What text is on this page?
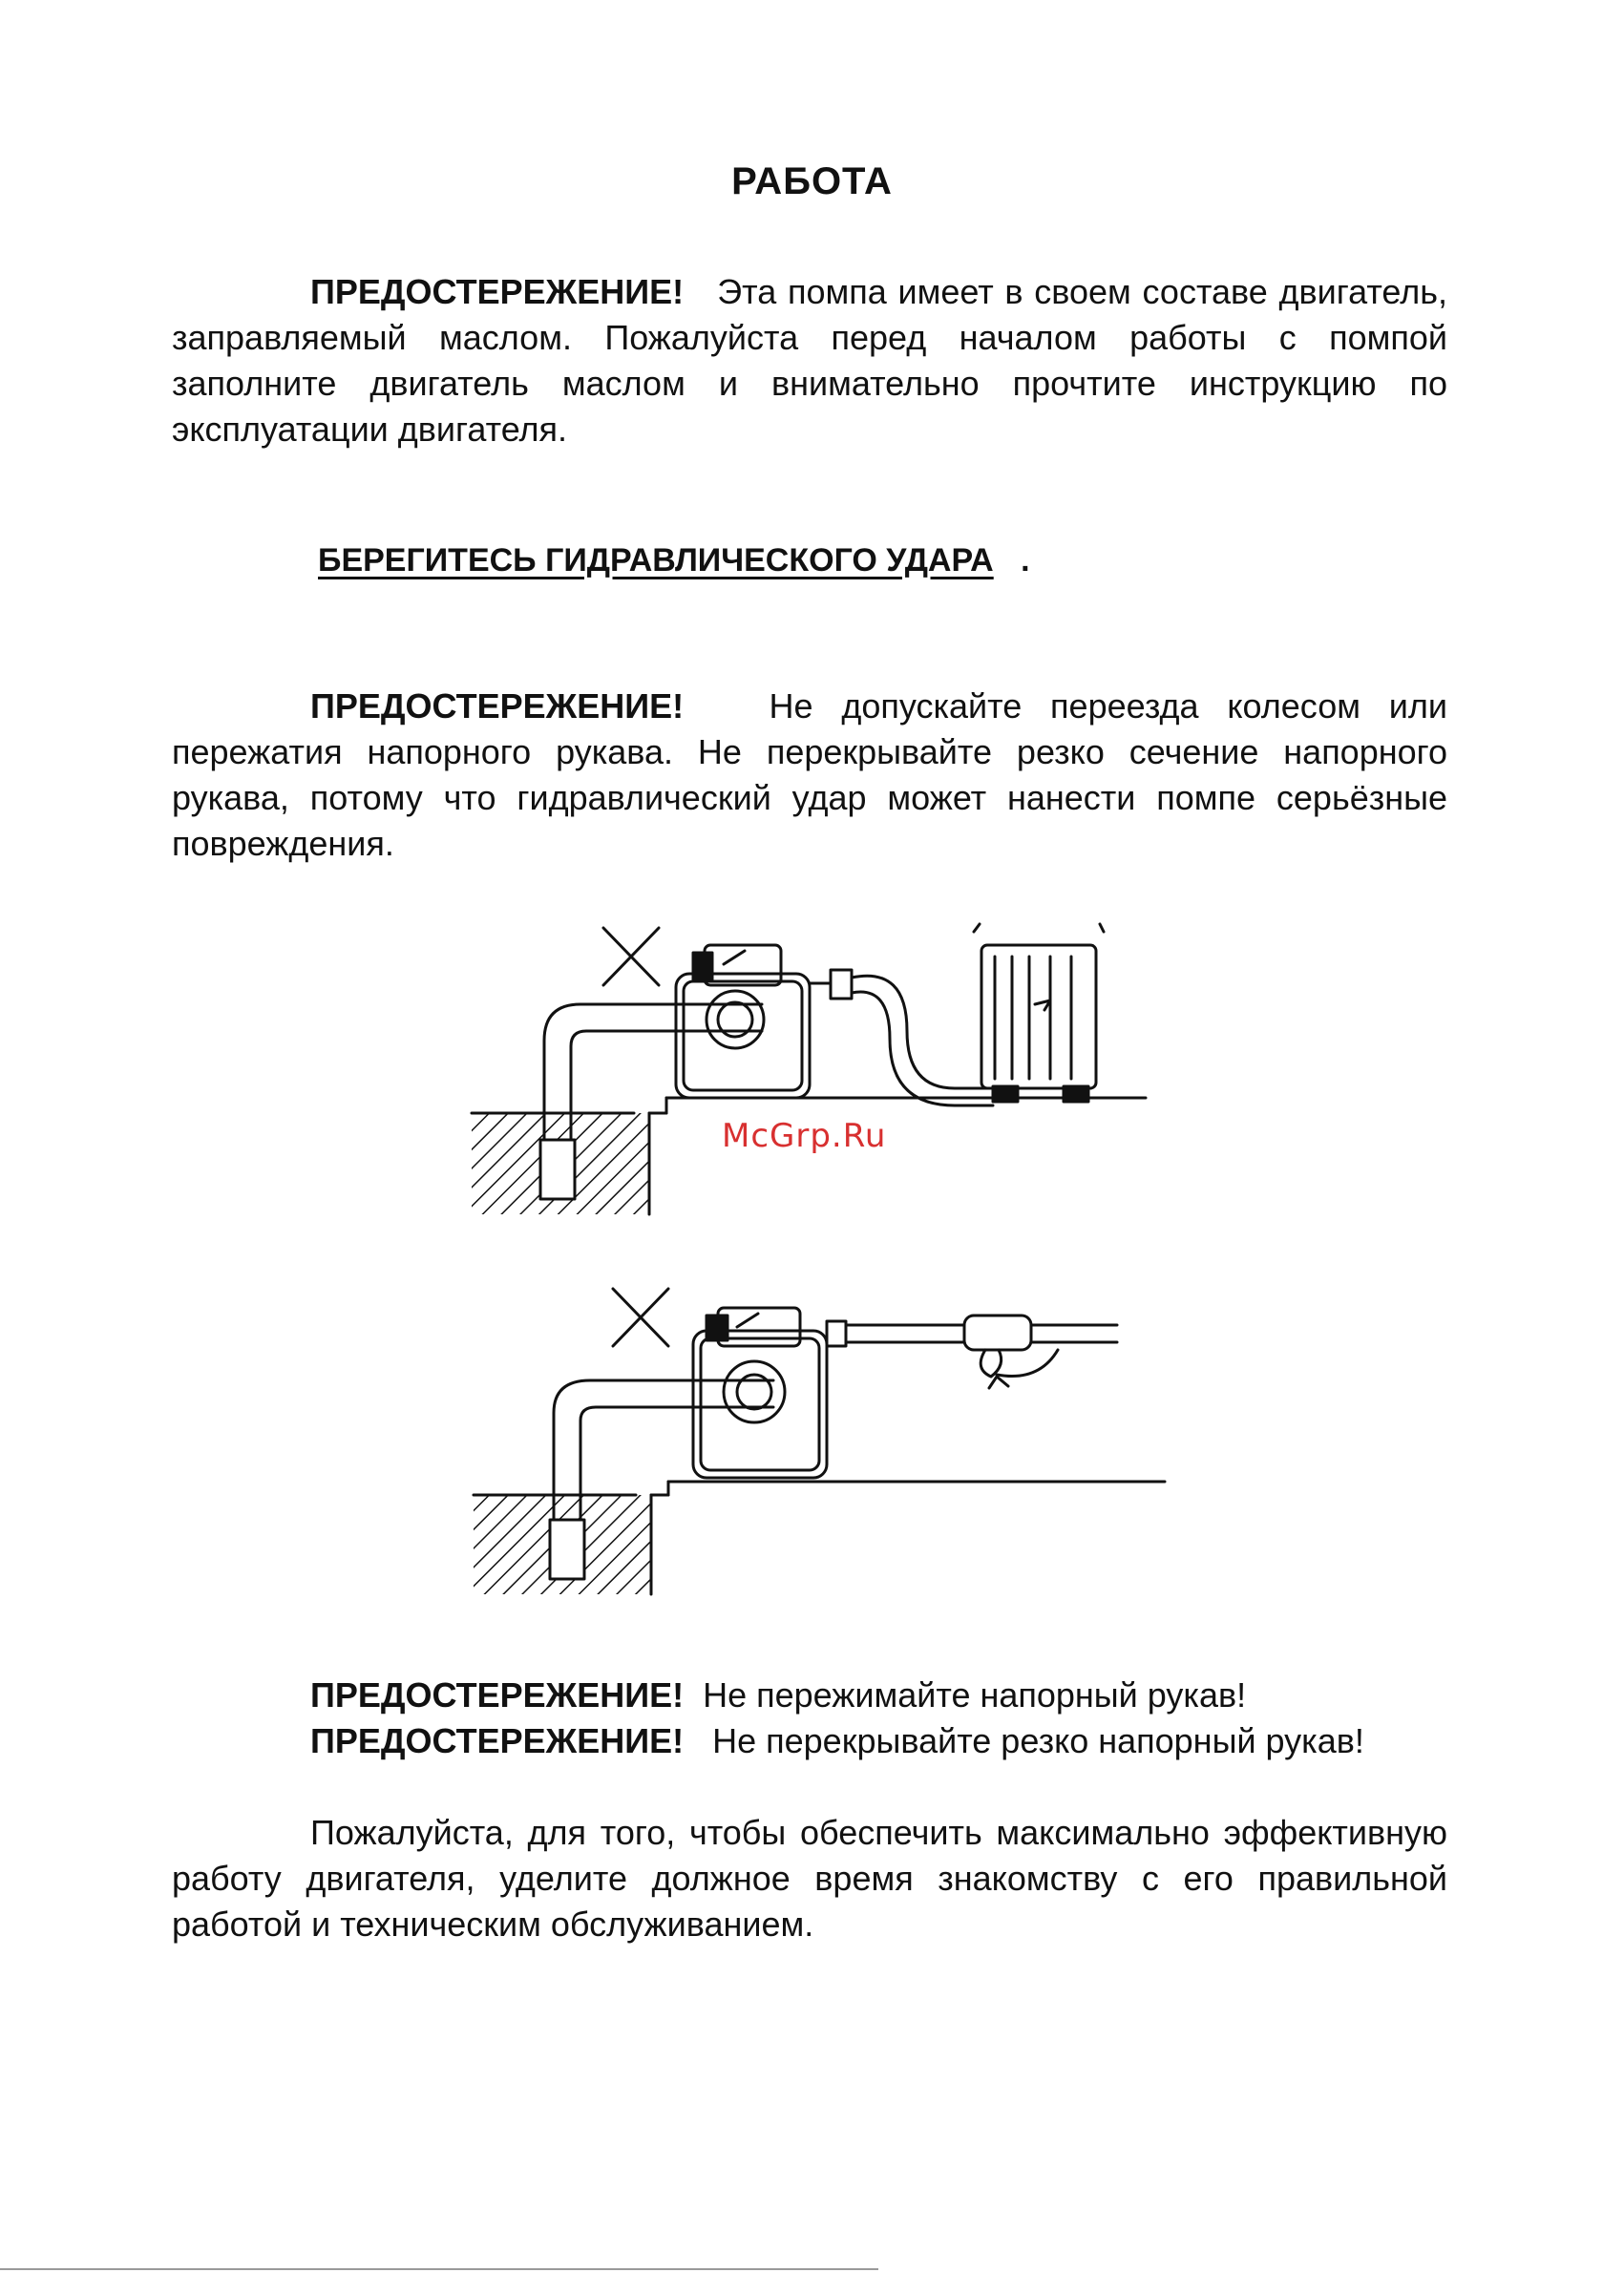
РАБОТА

ПРЕДОСТЕРЕЖЕНИЕ! Эта помпа имеет в своем составе двигатель, заправляемый маслом. Пожалуйста перед началом работы с помпой заполните двигатель маслом и внимательно прочтите инструкцию по эксплуатации двигателя.

БЕРЕГИТЕСЬ ГИДРАВЛИЧЕСКОГО УДАРА   .

ПРЕДОСТЕРЕЖЕНИЕ! Не допускайте переезда колесом или пережатия напорного рукава. Не перекрывайте резко сечение напорного рукава, потому что гидравлический удар может нанести помпе серьёзные повреждения.

McGrp.Ru

ПРЕДОСТЕРЕЖЕНИЕ! Не пережимайте напорный рукав!

ПРЕДОСТЕРЕЖЕНИЕ! Не перекрывайте резко напорный рукав!

Пожалуйста, для того, чтобы обеспечить максимально эффективную работу двигателя, уделите должное время знакомству с его правильной работой и техническим обслуживанием.
